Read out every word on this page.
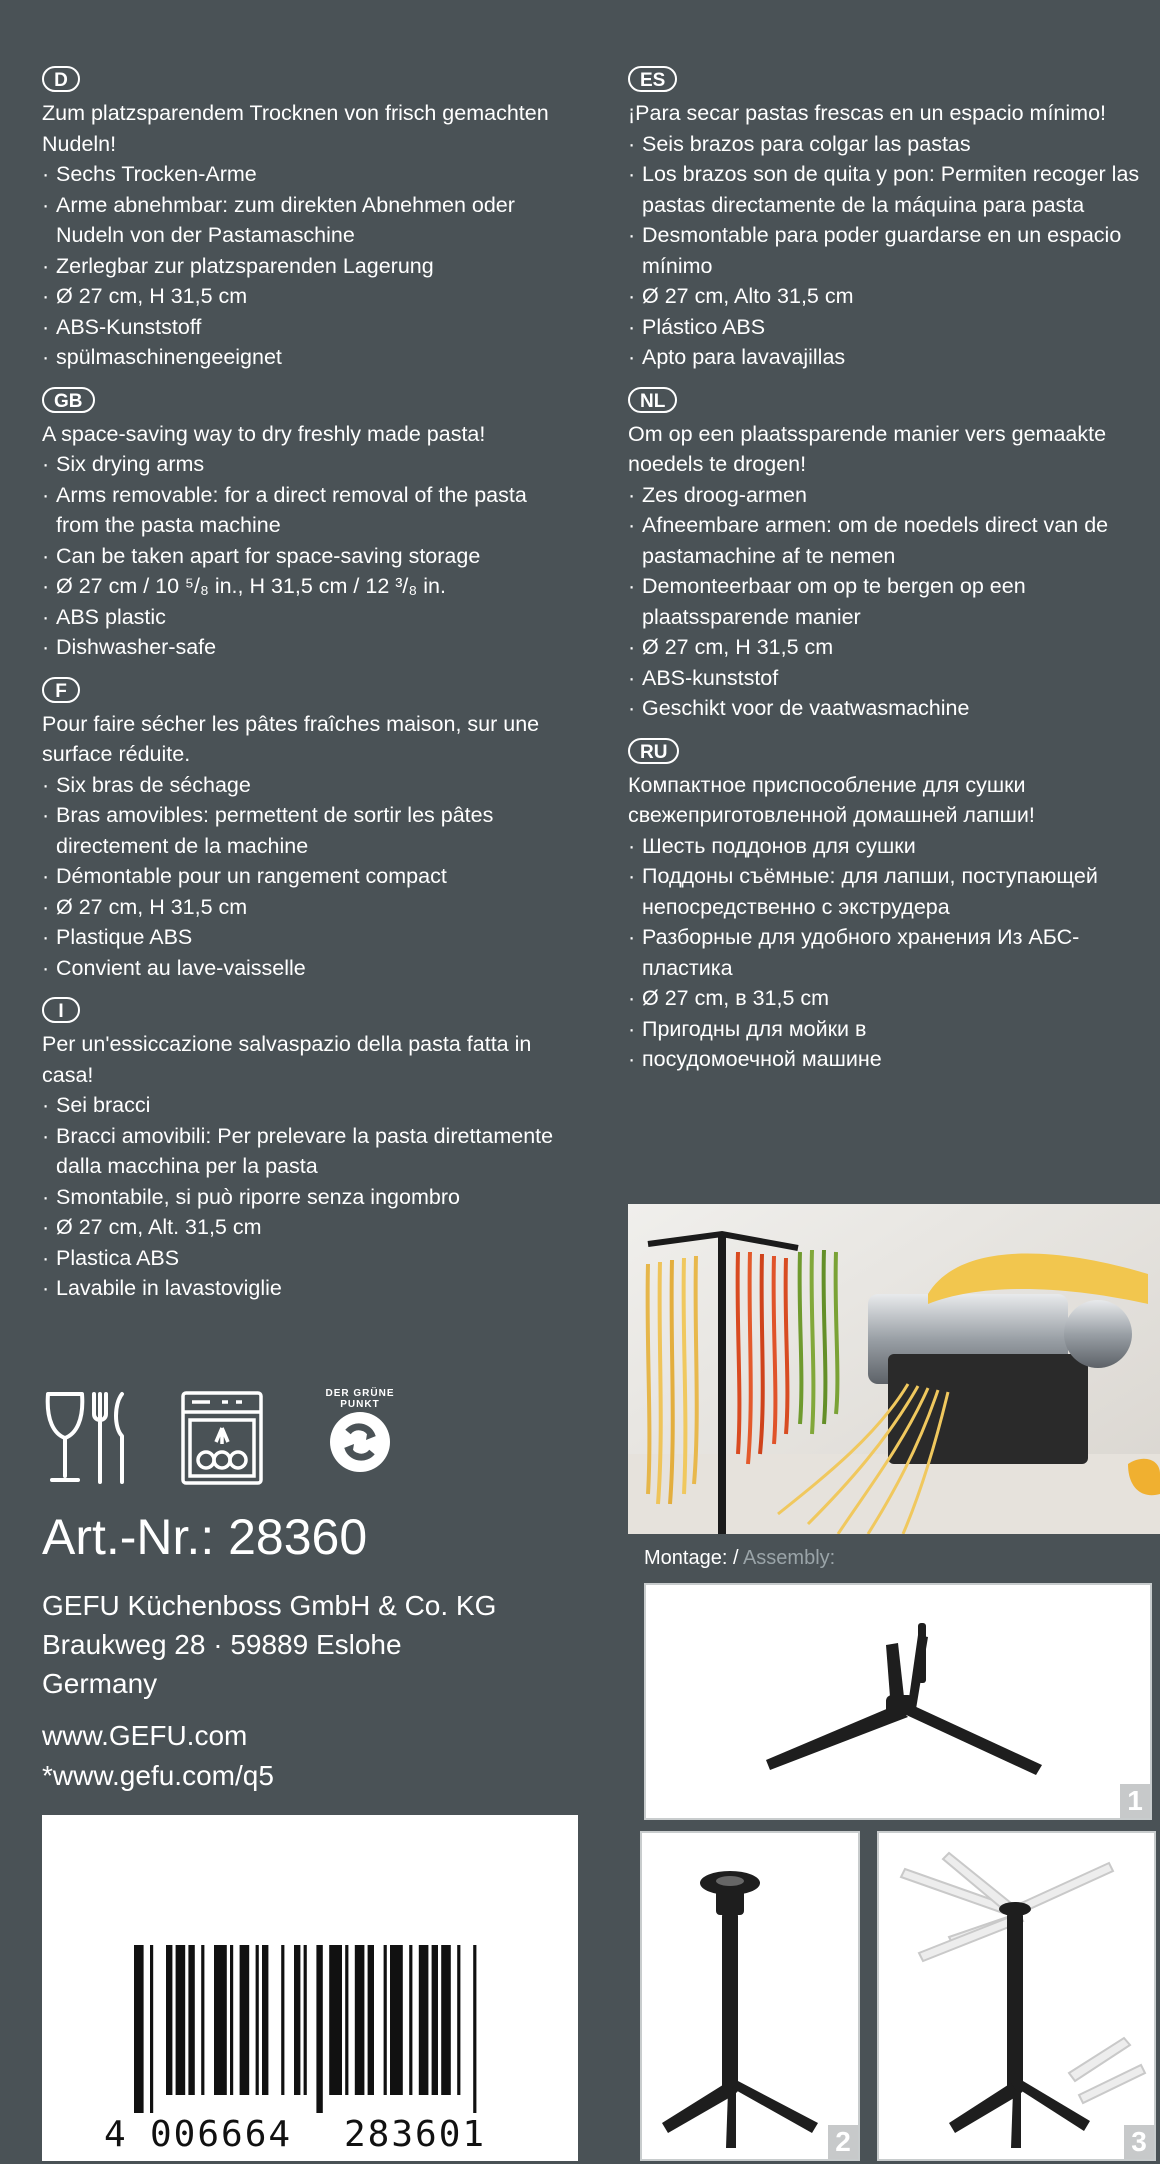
D

Zum platzsparendem Trocknen von frisch gemachten Nudeln!

· Sechs Trocken-Arme
· Arme abnehmbar: zum direkten Abnehmen oder Nudeln von der Pastamaschine
· Zerlegbar zur platzsparenden Lagerung
· Ø 27 cm, H 31,5 cm
· ABS-Kunststoff
· spülmaschinengeeignet
GB

A space-saving way to dry freshly made pasta!

· Six drying arms
· Arms removable: for a direct removal of the pasta from the pasta machine
· Can be taken apart for space-saving storage
· Ø 27 cm / 10 ⁵/₈ in., H 31,5 cm / 12 ³/₈ in.
· ABS plastic
· Dishwasher-safe
F

Pour faire sécher les pâtes fraîches maison, sur une surface réduite.

· Six bras de séchage
· Bras amovibles: permettent de sortir les pâtes directement de la machine
· Démontable pour un rangement compact
· Ø 27 cm, H 31,5 cm
· Plastique ABS
· Convient au lave-vaisselle
I

Per un'essiccazione salvaspazio della pasta fatta in casa!

· Sei bracci
· Bracci amovibili: Per prelevare la pasta direttamente dalla macchina per la pasta
· Smontabile, si può riporre senza ingombro
· Ø 27 cm, Alt. 31,5 cm
· Plastica ABS
· Lavabile in lavastoviglie
ES

¡Para secar pastas frescas en un espacio mínimo!

· Seis brazos para colgar las pastas
· Los brazos son de quita y pon: Permiten recoger las pastas directamente de la máquina para pasta
· Desmontable para poder guardarse en un espacio mínimo
· Ø 27 cm, Alto 31,5 cm
· Plástico ABS
· Apto para lavavajillas
NL

Om op een plaatssparende manier vers gemaakte noedels te drogen!

· Zes droog-armen
· Afneembare armen: om de noedels direct van de pastamachine af te nemen
· Demonteerbaar om op te bergen op een plaatssparende manier
· Ø 27 cm, H 31,5 cm
· ABS-kunststof
· Geschikt voor de vaatwasmachine
RU

Компактное приспособление для сушки свежеприготовленной домашней лапши!

· Шесть поддонов для сушки
· Поддоны съёмные: для лапши, поступающей непосредственно с экструдера
· Разборные для удобного хранения Из АБС-пластика
· Ø 27 cm, в 31,5 cm
· Пригодны для мойки в
· посудомоечной машине
DER GRÜNE PUNKT
Art.-Nr.: 28360
GEFU Küchenboss GmbH & Co. KG
Braukweg 28 · 59889 Eslohe
Germany
www.GEFU.com
*www.gefu.com/q5
4 006664 283601
Montage: / Assembly:
1
2	3
